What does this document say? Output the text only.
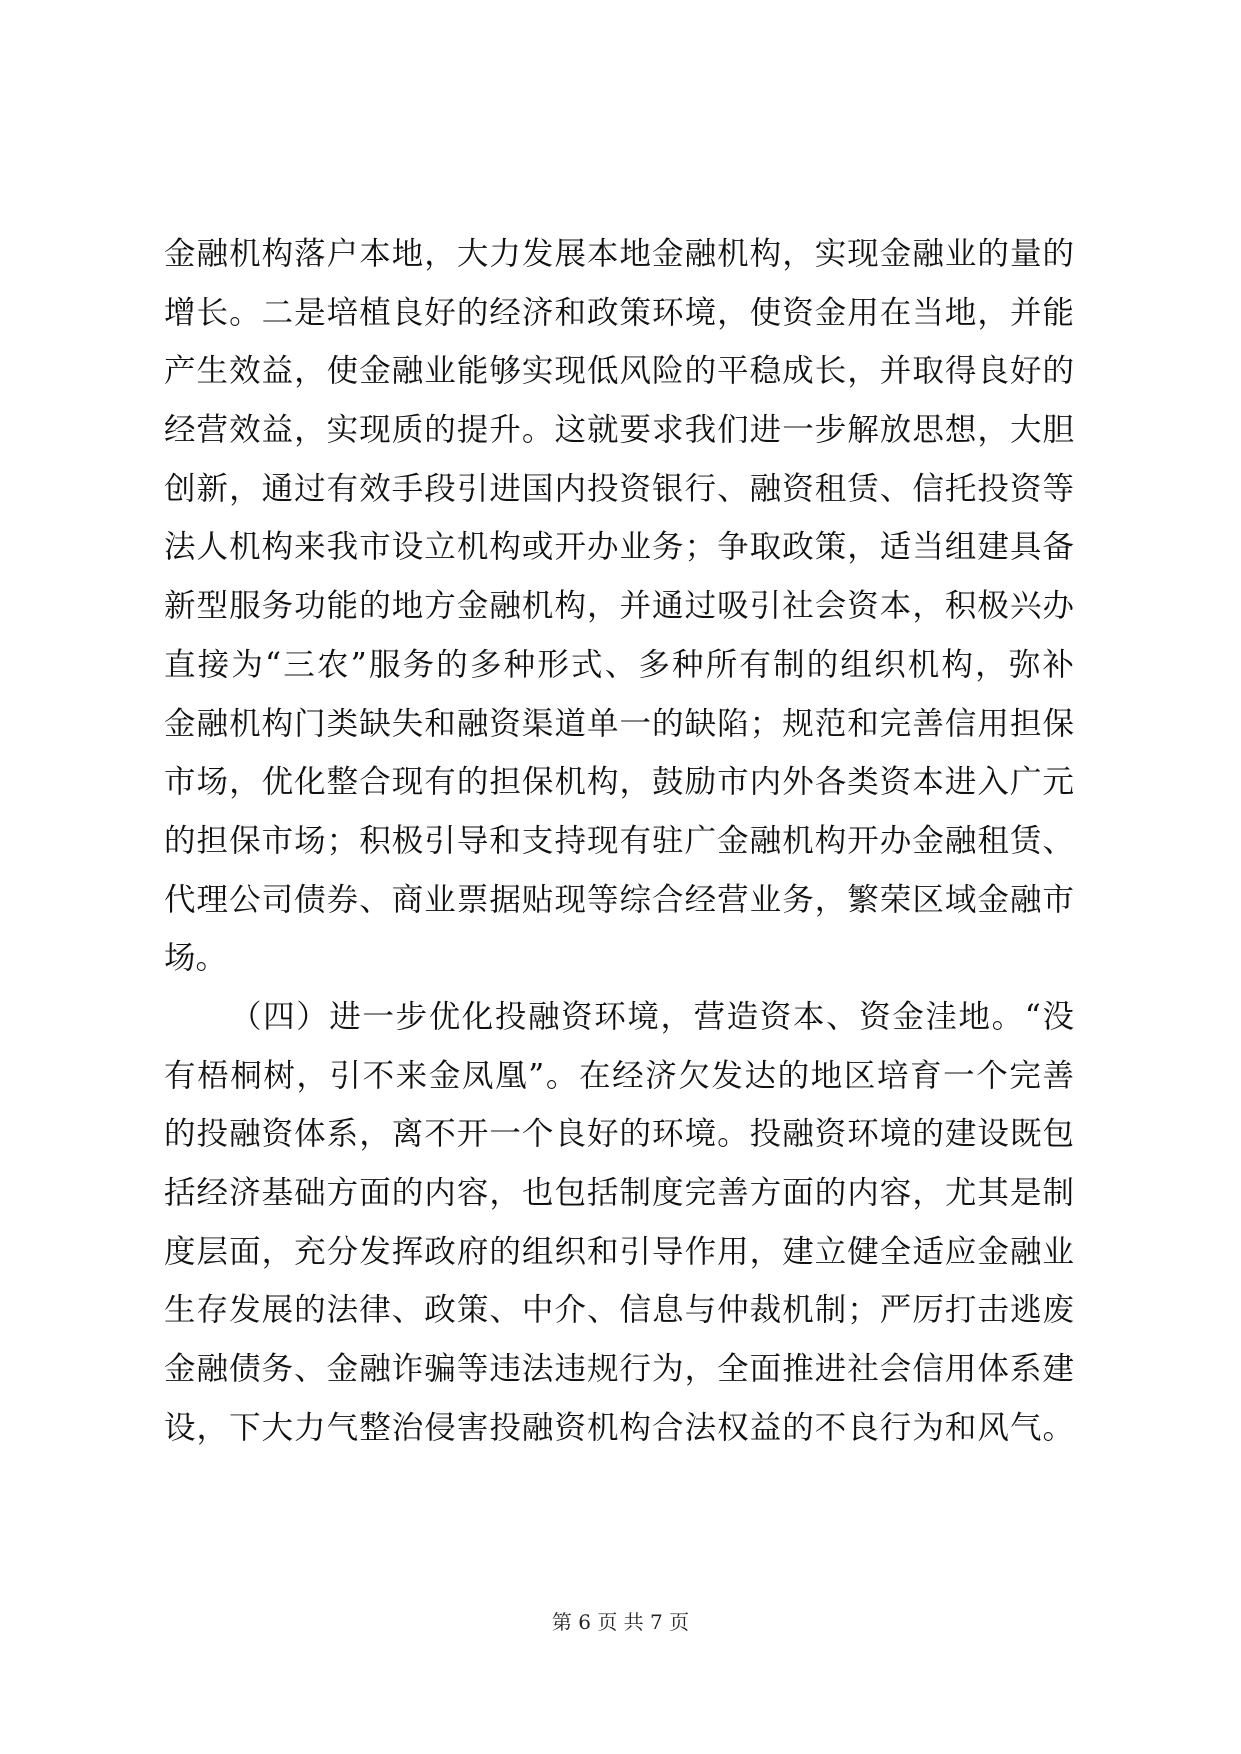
金融机构落户本地，大力发展本地金融机构，实现金融业的量的
增长。二是培植良好的经济和政策环境，使资金用在当地，并能
产生效益，使金融业能够实现低风险的平稳成长，并取得良好的
经营效益，实现质的提升。这就要求我们进一步解放思想，大胆
创新，通过有效手段引进国内投资银行、融资租赁、信托投资等
法人机构来我市设立机构或开办业务；争取政策，适当组建具备
新型服务功能的地方金融机构，并通过吸引社会资本，积极兴办
直接为“三农”服务的多种形式、多种所有制的组织机构，弥补
金融机构门类缺失和融资渠道单一的缺陷；规范和完善信用担保
市场，优化整合现有的担保机构，鼓励市内外各类资本进入广元
的担保市场；积极引导和支持现有驻广金融机构开办金融租赁、
代理公司债券、商业票据贴现等综合经营业务，繁荣区域金融市
场。
（四）进一步优化投融资环境，营造资本、资金洼地。“没
有梧桐树，引不来金凤凰”。在经济欠发达的地区培育一个完善
的投融资体系，离不开一个良好的环境。投融资环境的建设既包
括经济基础方面的内容，也包括制度完善方面的内容，尤其是制
度层面，充分发挥政府的组织和引导作用，建立健全适应金融业
生存发展的法律、政策、中介、信息与仲裁机制；严厉打击逃废
金融债务、金融诈骗等违法违规行为，全面推进社会信用体系建
设，下大力气整治侵害投融资机构合法权益的不良行为和风气。
第 6 页 共 7 页
